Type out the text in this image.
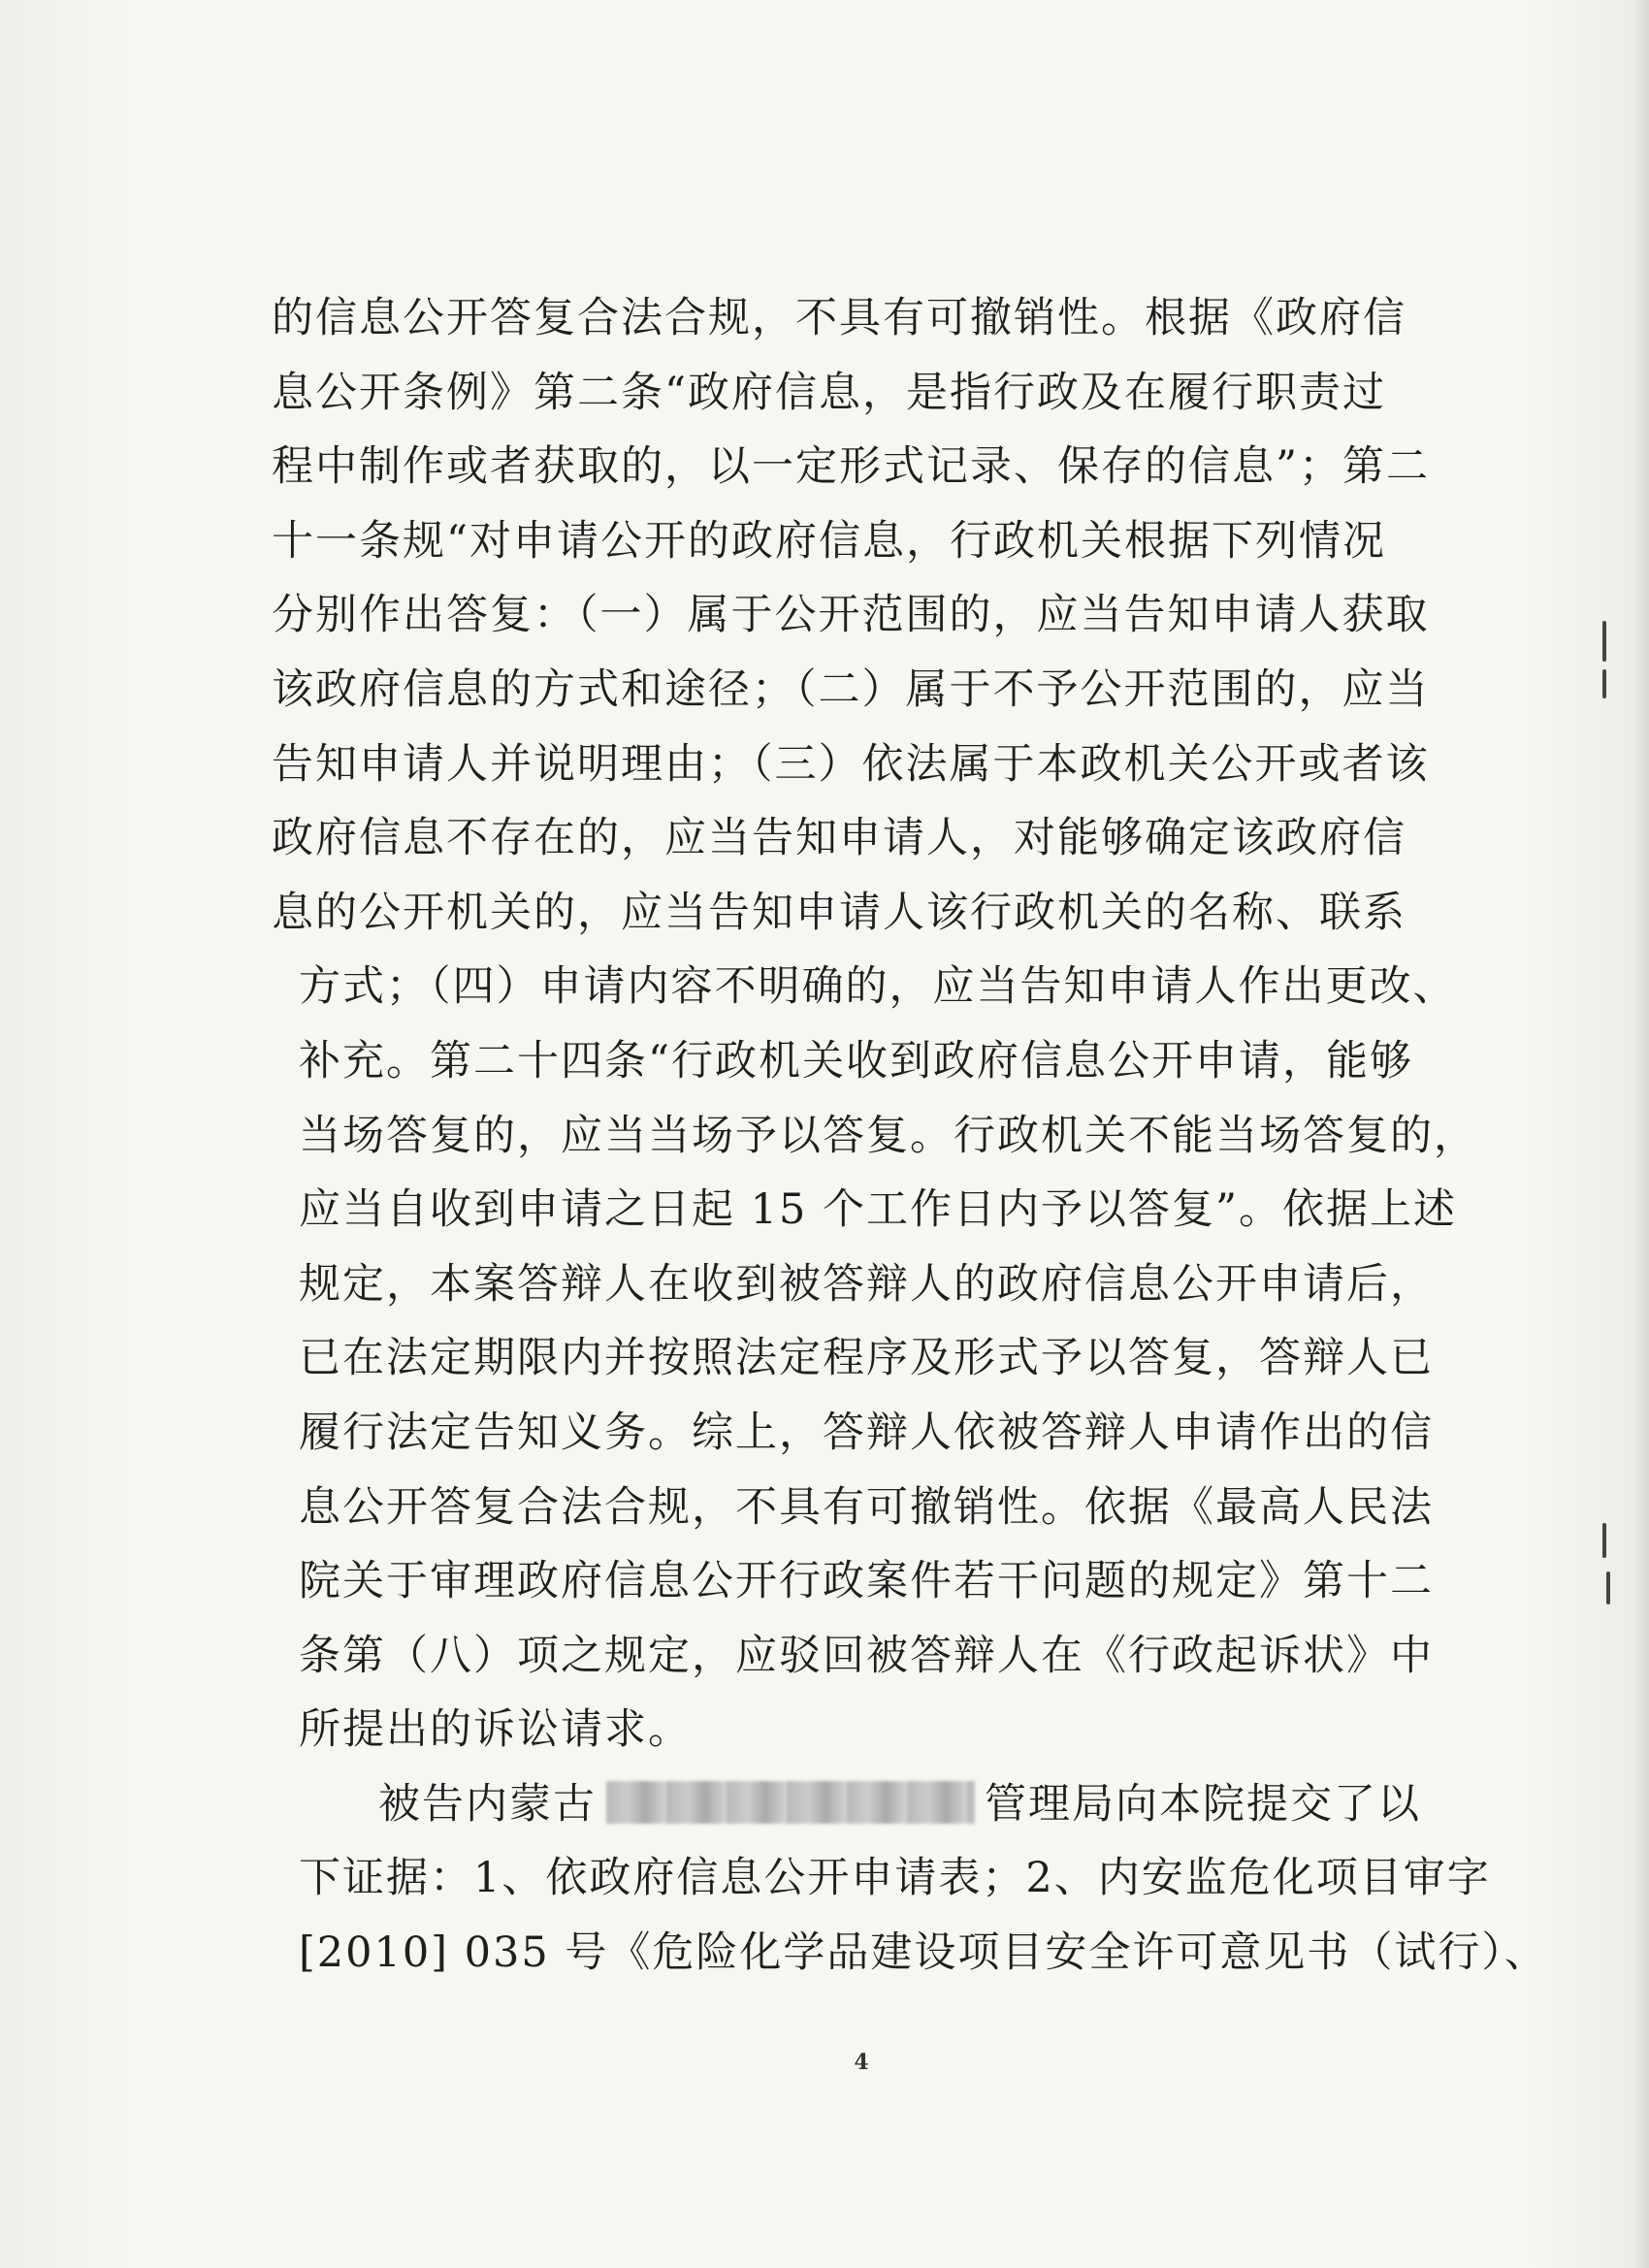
的信息公开答复合法合规，不具有可撤销性。根据《政府信
息公开条例》第二条“政府信息，是指行政及在履行职责过
程中制作或者获取的，以一定形式记录、保存的信息”；第二
十一条规“对申请公开的政府信息，行政机关根据下列情况
分别作出答复：（一）属于公开范围的，应当告知申请人获取
该政府信息的方式和途径；（二）属于不予公开范围的，应当
告知申请人并说明理由；（三）依法属于本政机关公开或者该
政府信息不存在的，应当告知申请人，对能够确定该政府信
息的公开机关的，应当告知申请人该行政机关的名称、联系
方式；（四）申请内容不明确的，应当告知申请人作出更改、
补充。第二十四条“行政机关收到政府信息公开申请，能够
当场答复的，应当当场予以答复。行政机关不能当场答复的，
应当自收到申请之日起 15 个工作日内予以答复”。依据上述
规定，本案答辩人在收到被答辩人的政府信息公开申请后，
已在法定期限内并按照法定程序及形式予以答复，答辩人已
履行法定告知义务。综上，答辩人依被答辩人申请作出的信
息公开答复合法合规，不具有可撤销性。依据《最高人民法
院关于审理政府信息公开行政案件若干问题的规定》第十二
条第（八）项之规定，应驳回被答辩人在《行政起诉状》中
所提出的诉讼请求。
被告内蒙古	管理局向本院提交了以
下证据：1、依政府信息公开申请表；2、内安监危化项目审字
[2010] 035 号《危险化学品建设项目安全许可意见书（试行）、
4
